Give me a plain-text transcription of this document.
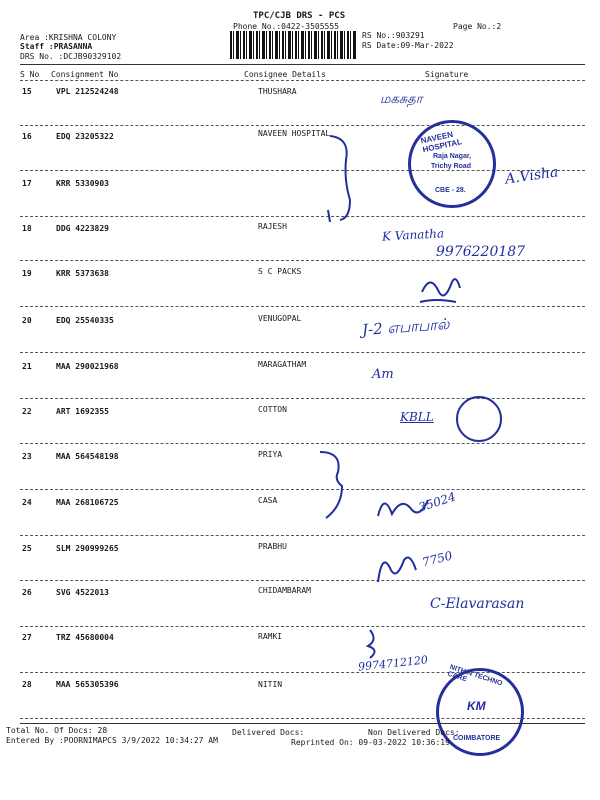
TPC/CJB DRS - PCS
Phone No.:0422-3505555	Page No.:2
Area :KRISHNA COLONY
Staff :PRASANNA
DRS No. :DCJB90329102
RS No.:903291
RS Date:09-Mar-2022
S No Consignment No	Consignee Details	Signature
15	VPL 212524248	THUSHARA
16	EDQ 23205322	NAVEEN HOSPITAL
17	KRR 5330903
18	DDG 4223829	RAJESH
19	KRR 5373638	S C PACKS
20	EDQ 25540335	VENUGOPAL
21	MAA 290021968	MARAGATHAM
22	ART 1692355	COTTON
23	MAA 564548198	PRIYA
24	MAA 268106725	CASA
25	SLM 290999265	PRABHU
26	SVG 4522013	CHIDAMBARAM
27	TRZ 45680004	RAMKI
28	MAA 565305396	NITIN
மகசுதா
NAVEEN HOSPITAL
Raja Nagar,
Trichy Road
CBE - 28.
A.Visha
K Vanatha
9976220187
J-2 எபாபால்
Am
KBLL
35024
7750
C-Elavarasan
9974712120
NITHIN TECHNO CARE
KM
COIMBATORE
Total No. Of Docs: 28	Delivered Docs:	Non Delivered Docs:
Entered By :POORNIMAPCS 3/9/2022 10:34:27 AM	Reprinted On: 09-03-2022 10:36:19
